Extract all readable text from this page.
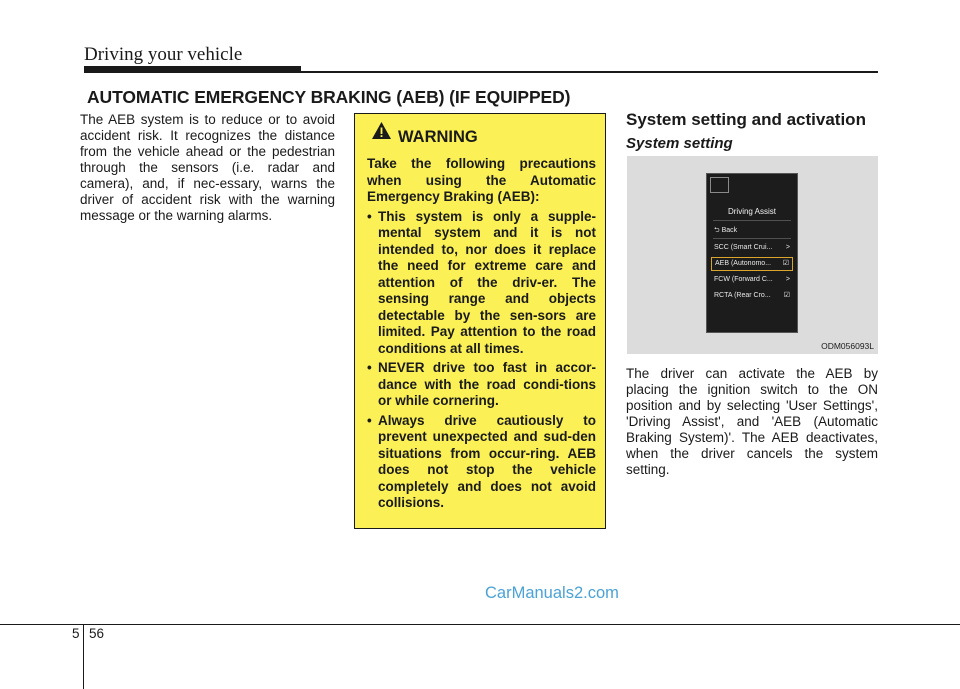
Driving your vehicle
AUTOMATIC EMERGENCY BRAKING (AEB) (IF EQUIPPED)

The AEB system is to reduce or to avoid accident risk. It recognizes the distance from the vehicle ahead or the pedestrian through the sensors (i.e. radar and camera), and, if nec-essary, warns the driver of accident risk with the warning message or the warning alarms.

WARNING

Take the following precautions when using the Automatic Emergency Braking (AEB):

• This system is only a supple-mental system and it is not intended to, nor does it replace the need for extreme care and attention of the driv-er. The sensing range and objects detectable by the sen-sors are limited. Pay attention to the road conditions at all times.
• NEVER drive too fast in accor-dance with the road condi-tions or while cornering.
• Always drive cautiously to prevent unexpected and sud-den situations from occur-ring. AEB does not stop the vehicle completely and does not avoid collisions.
System setting and activation
System setting
Driving Assist
⮌ Back
SCC (Smart Crui... >
AEB (Autonomo... ☑
FCW (Forward C... >
RCTA (Rear Cro... ☑
ODM056093L

The driver can activate the AEB by placing the ignition switch to the ON position and by selecting 'User Settings', 'Driving Assist', and 'AEB (Automatic Braking System)'. The AEB deactivates, when the driver cancels the system setting.

CarManuals2.com
5 56
